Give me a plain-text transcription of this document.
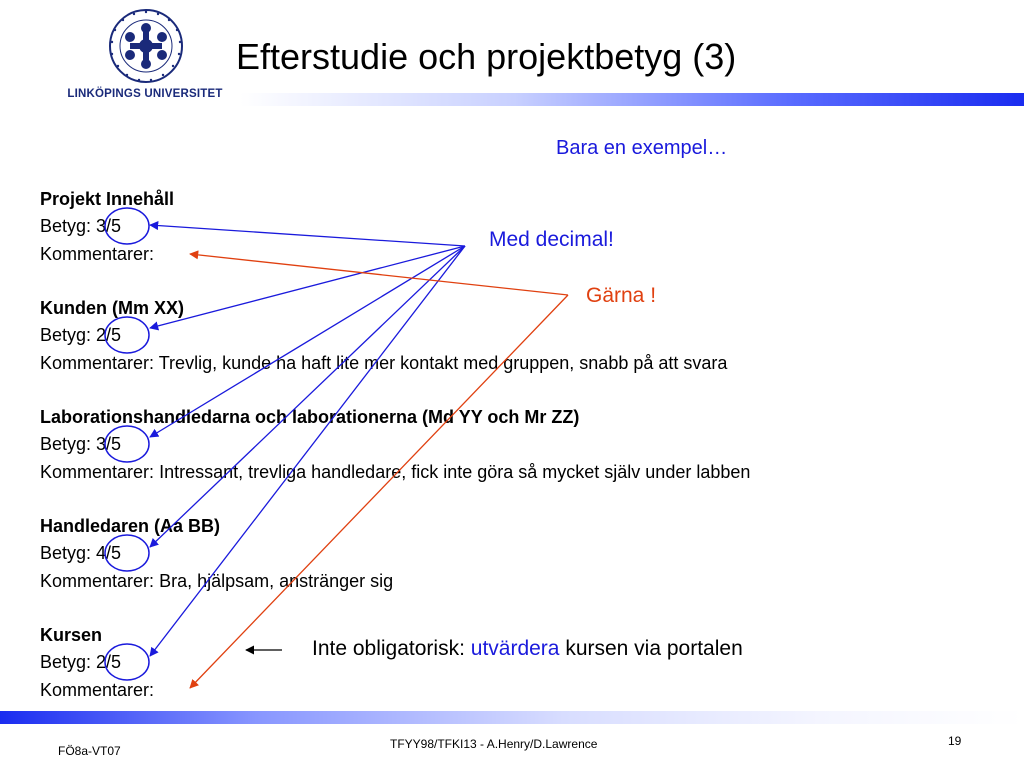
LINKÖPINGS UNIVERSITET
Efterstudie och projektbetyg (3)
Bara en exempel…
Med decimal!
Gärna !
Projekt Innehåll
Betyg: 3/5
Kommentarer:
Kunden (Mm XX)
Betyg: 2/5
Kommentarer: Trevlig, kunde ha haft lite mer kontakt med gruppen, snabb på att svara
Laborationshandledarna och laborationerna (Md YY och Mr ZZ)
Betyg: 3/5
Kommentarer: Intressant, trevliga handledare, fick inte göra så mycket själv under labben
Handledaren (Aa BB)
Betyg: 4/5
Kommentarer: Bra, hjälpsam, anstränger sig
Kursen
Betyg: 2/5
Kommentarer:
Inte obligatorisk: utvärdera kursen via portalen
FÖ8a-VT07	TFYY98/TFKI13 - A.Henry/D.Lawrence	19
